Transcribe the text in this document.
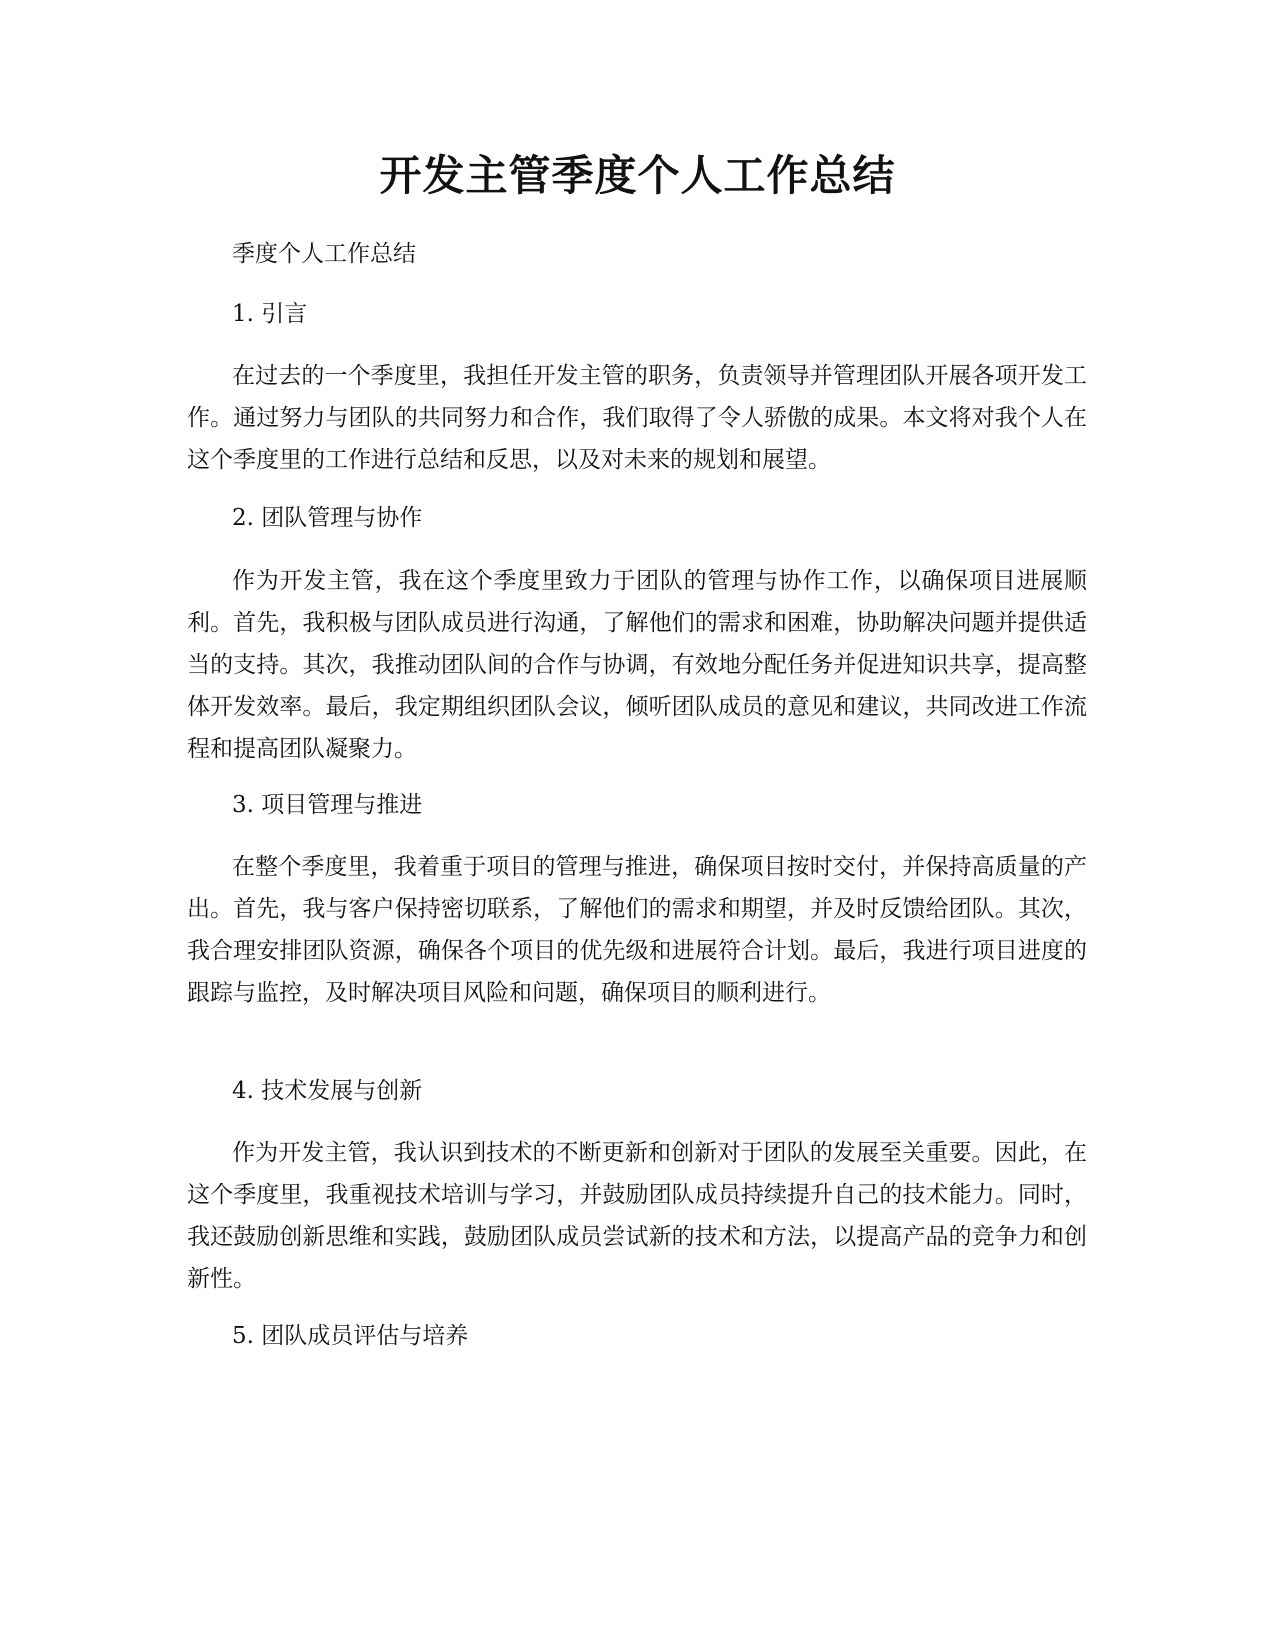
开发主管季度个人工作总结

季度个人工作总结

1. 引言

在过去的一个季度里，我担任开发主管的职务，负责领导并管理团队开展各项开发工作。通过努力与团队的共同努力和合作，我们取得了令人骄傲的成果。本文将对我个人在这个季度里的工作进行总结和反思，以及对未来的规划和展望。

2. 团队管理与协作

作为开发主管，我在这个季度里致力于团队的管理与协作工作，以确保项目进展顺利。首先，我积极与团队成员进行沟通，了解他们的需求和困难，协助解决问题并提供适当的支持。其次，我推动团队间的合作与协调，有效地分配任务并促进知识共享，提高整体开发效率。最后，我定期组织团队会议，倾听团队成员的意见和建议，共同改进工作流程和提高团队凝聚力。

3. 项目管理与推进

在整个季度里，我着重于项目的管理与推进，确保项目按时交付，并保持高质量的产出。首先，我与客户保持密切联系，了解他们的需求和期望，并及时反馈给团队。其次，我合理安排团队资源，确保各个项目的优先级和进展符合计划。最后，我进行项目进度的跟踪与监控，及时解决项目风险和问题，确保项目的顺利进行。

4. 技术发展与创新

作为开发主管，我认识到技术的不断更新和创新对于团队的发展至关重要。因此，在这个季度里，我重视技术培训与学习，并鼓励团队成员持续提升自己的技术能力。同时，我还鼓励创新思维和实践，鼓励团队成员尝试新的技术和方法，以提高产品的竞争力和创新性。

5. 团队成员评估与培养
